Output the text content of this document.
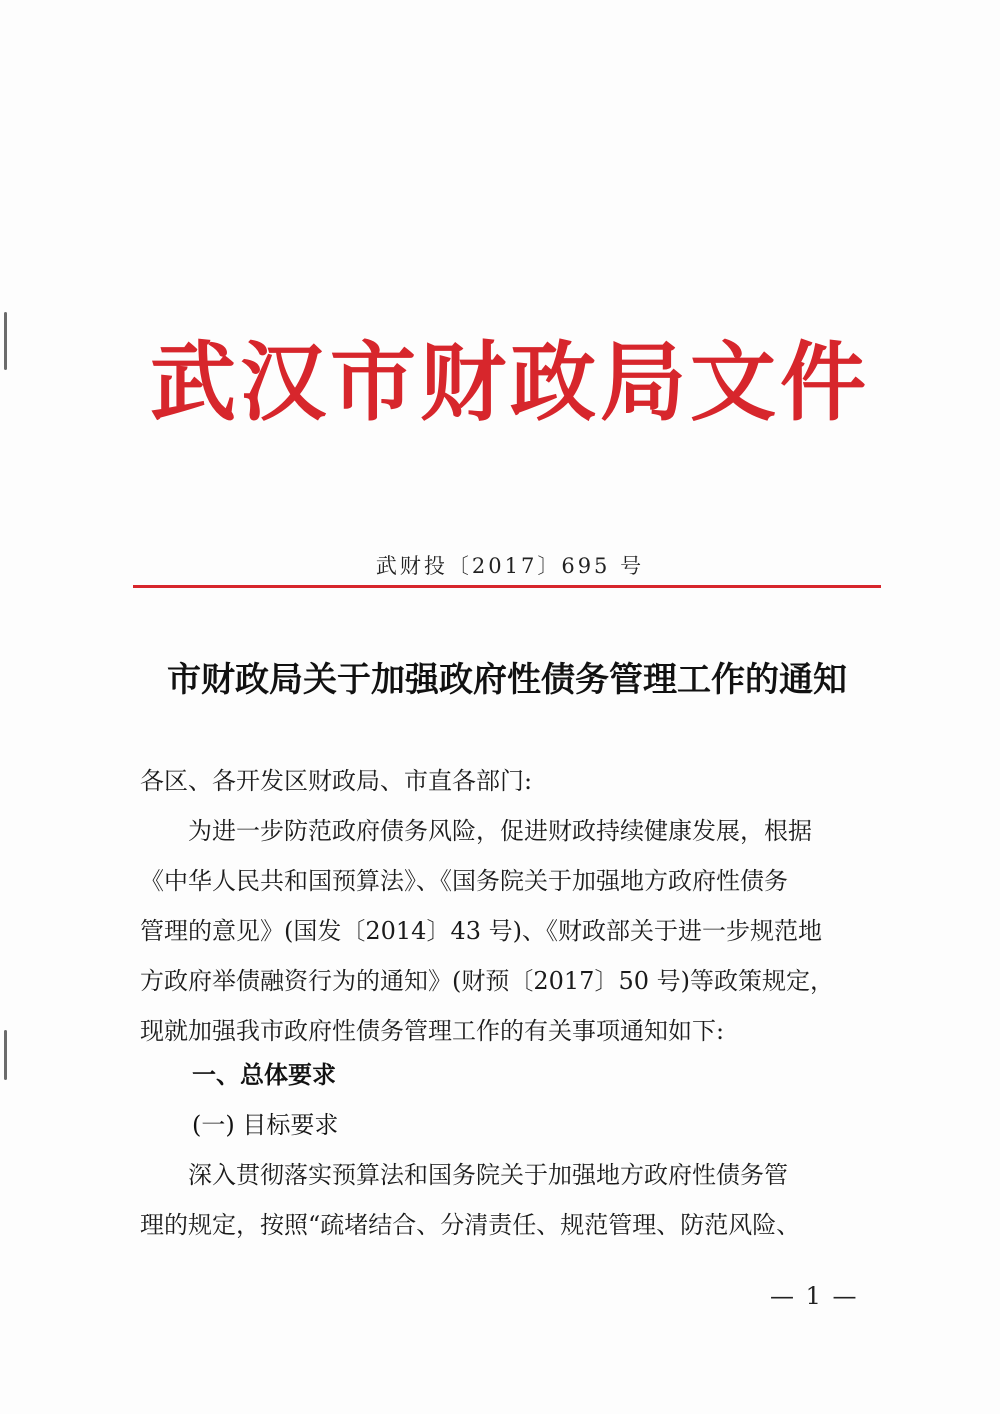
武汉市财政局文件
武财投〔2017〕695 号
市财政局关于加强政府性债务管理工作的通知
各区、各开发区财政局、市直各部门:
为进一步防范政府债务风险，促进财政持续健康发展，根据
《中华人民共和国预算法》、《国务院关于加强地方政府性债务
管理的意见》(国发〔2014〕43 号)、《财政部关于进一步规范地
方政府举债融资行为的通知》(财预〔2017〕50 号)等政策规定，
现就加强我市政府性债务管理工作的有关事项通知如下:
一、总体要求
(一) 目标要求
深入贯彻落实预算法和国务院关于加强地方政府性债务管
理的规定，按照“疏堵结合、分清责任、规范管理、防范风险、
— 1 —
